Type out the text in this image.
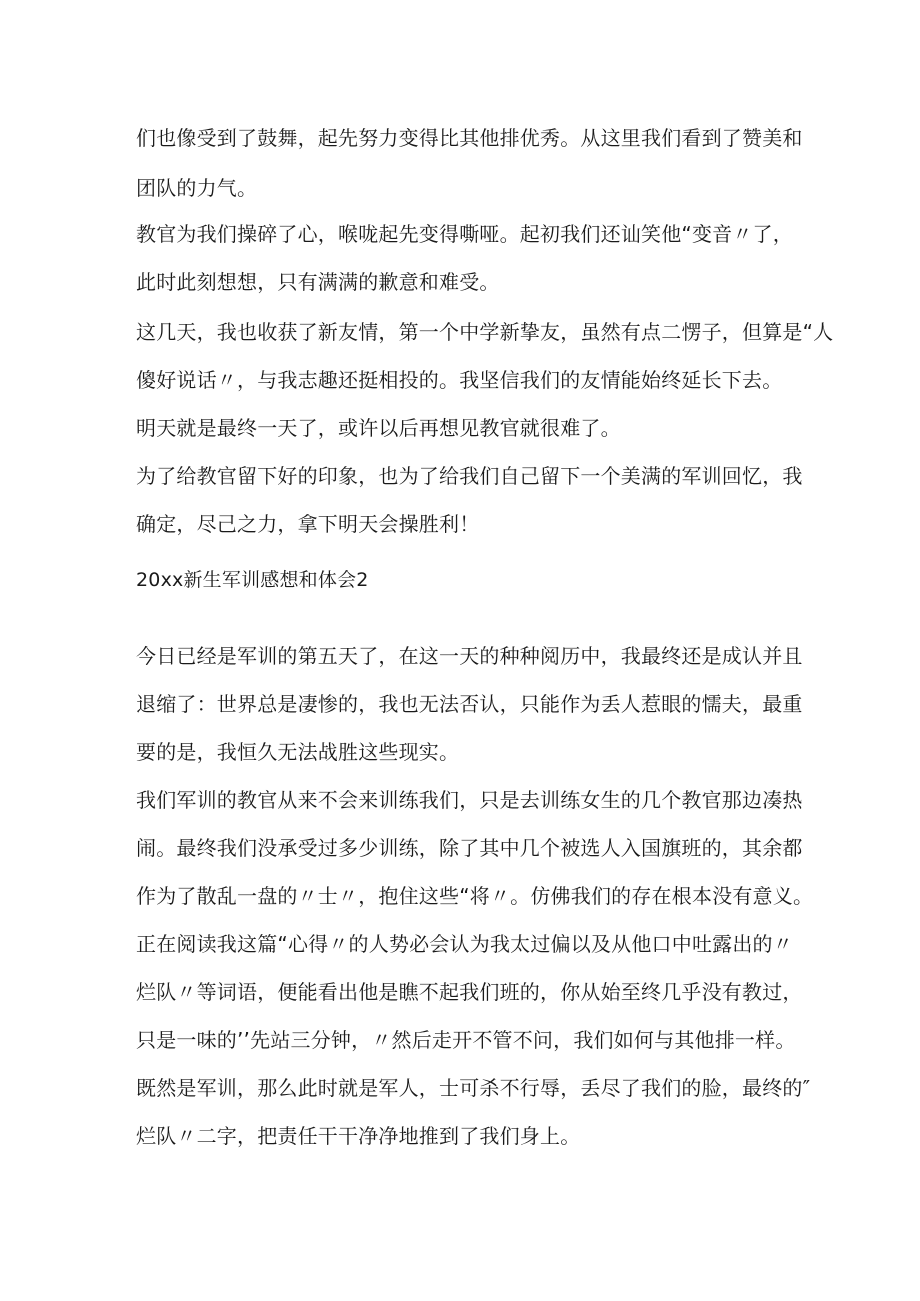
们也像受到了鼓舞，起先努力变得比其他排优秀。从这里我们看到了赞美和
团队的力气。
教官为我们操碎了心，喉咙起先变得嘶哑。起初我们还讪笑他“变音〃了，
此时此刻想想，只有满满的歉意和难受。
这几天，我也收获了新友情，第一个中学新挚友，虽然有点二愣子，但算是“人
傻好说话〃，与我志趣还挺相投的。我坚信我们的友情能始终延长下去。
明天就是最终一天了，或许以后再想见教官就很难了。
为了给教官留下好的印象，也为了给我们自己留下一个美满的军训回忆，我
确定，尽己之力，拿下明天会操胜利！
20xx新生军训感想和体会2
今日已经是军训的第五天了，在这一天的种种阅历中，我最终还是成认并且
退缩了：世界总是凄惨的，我也无法否认，只能作为丢人惹眼的懦夫，最重
要的是，我恒久无法战胜这些现实。
我们军训的教官从来不会来训练我们，只是去训练女生的几个教官那边凑热
闹。最终我们没承受过多少训练，除了其中几个被选人入国旗班的，其余都
作为了散乱一盘的〃士〃，抱住这些“将〃。仿佛我们的存在根本没有意义。
正在阅读我这篇“心得〃的人势必会认为我太过偏以及从他口中吐露出的〃
烂队〃等词语，便能看出他是瞧不起我们班的，你从始至终几乎没有教过，
只是一味的’’先站三分钟，〃然后走开不管不问，我们如何与其他排一样。
既然是军训，那么此时就是军人，士可杀不行辱，丢尽了我们的脸，最终的″
烂队〃二字，把责任干干净净地推到了我们身上。
